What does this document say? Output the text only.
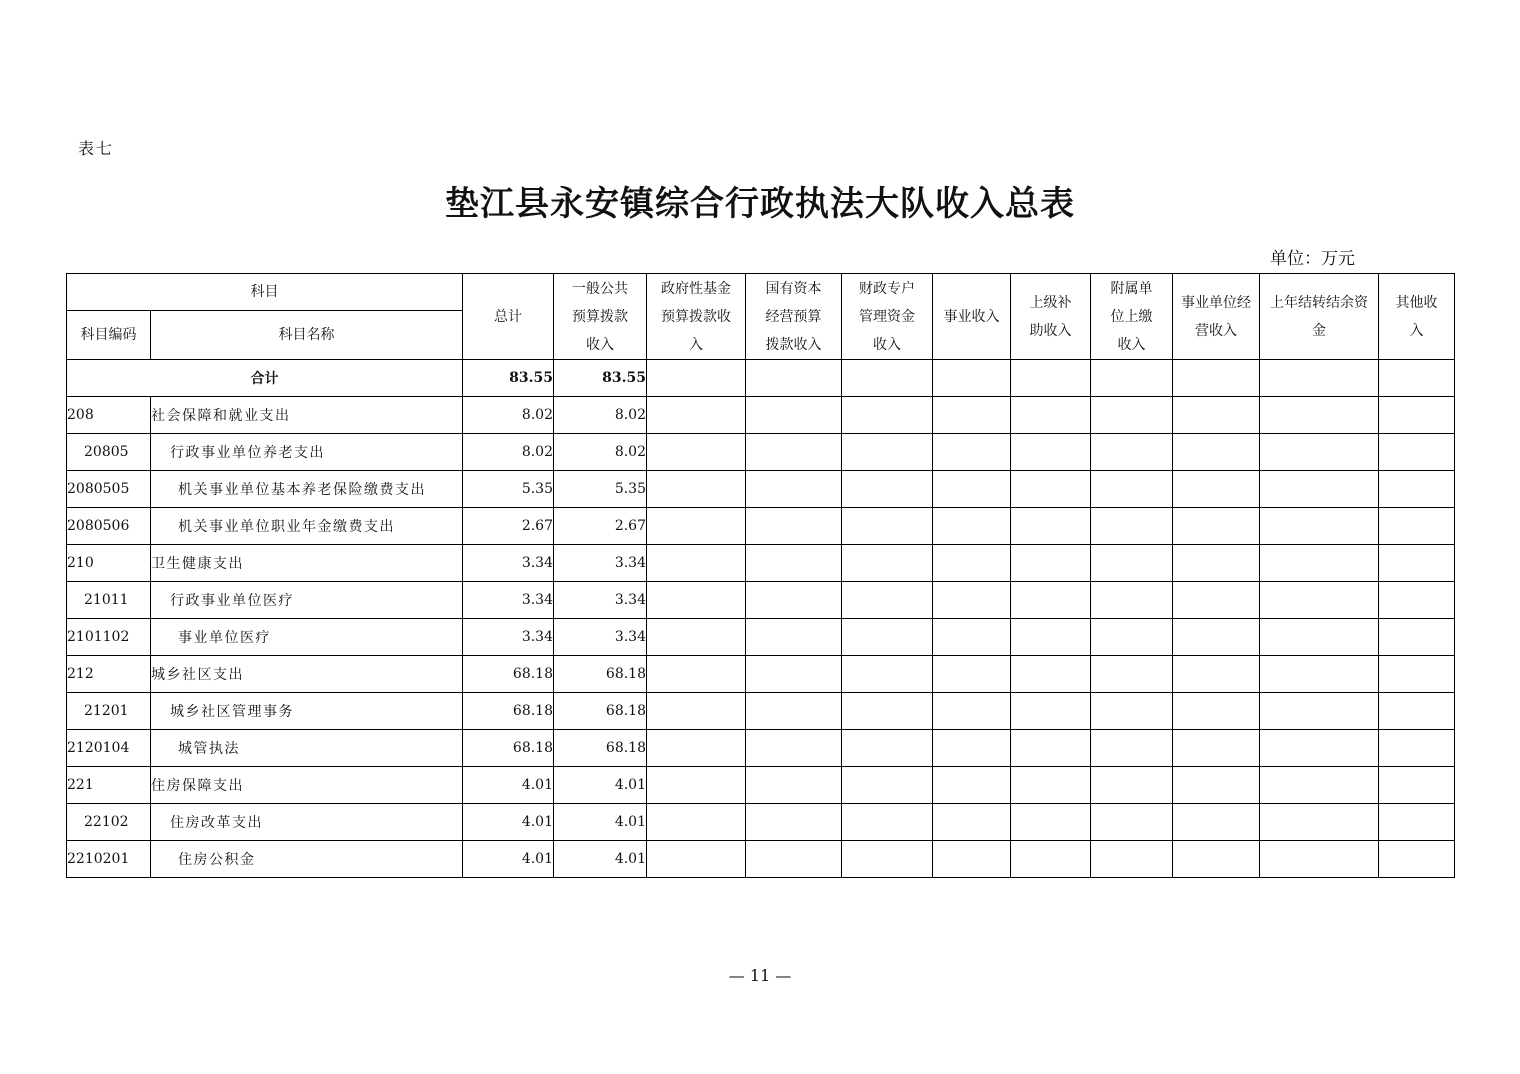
表七
垫江县永安镇综合行政执法大队收入总表
单位：万元
科目		总计	一般公共预算拨款收入	政府性基金预算拨款收入	国有资本经营预算拨款收入	财政专户管理资金收入	事业收入	上级补助收入	附属单位上缴收入	事业单位经营收入	上年结转结余资金	其他收入
科目编码	科目名称											
合计		83.55	83.55									
208	社会保障和就业支出	8.02	8.02									
20805	行政事业单位养老支出	8.02	8.02									
2080505	机关事业单位基本养老保险缴费支出	5.35	5.35									
2080506	机关事业单位职业年金缴费支出	2.67	2.67									
210	卫生健康支出	3.34	3.34									
21011	行政事业单位医疗	3.34	3.34									
2101102	事业单位医疗	3.34	3.34									
212	城乡社区支出	68.18	68.18									
21201	城乡社区管理事务	68.18	68.18									
2120104	城管执法	68.18	68.18									
221	住房保障支出	4.01	4.01									
22102	住房改革支出	4.01	4.01									
2210201	住房公积金	4.01	4.01									
— 11 —
